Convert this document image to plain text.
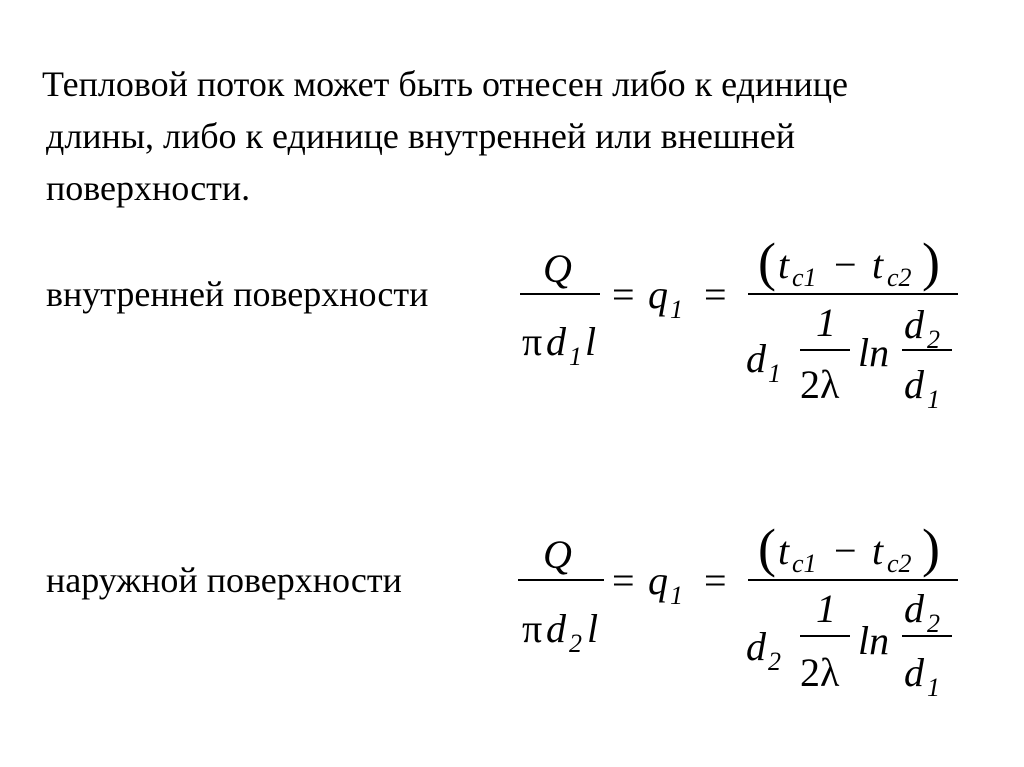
Тепловой поток может быть отнесен либо к единице
длины, либо к единице внутренней или внешней
поверхности.
внутренней поверхности
наружной поверхности
Q
π d 1 l
= q 1 =
( t c1 − t c2 )
d 1
1
2λ
ln
d 2
d 1
Q
π d 2 l
= q 1 =
( t c1 − t c2 )
d 2
1
2λ
ln
d 2
d 1
